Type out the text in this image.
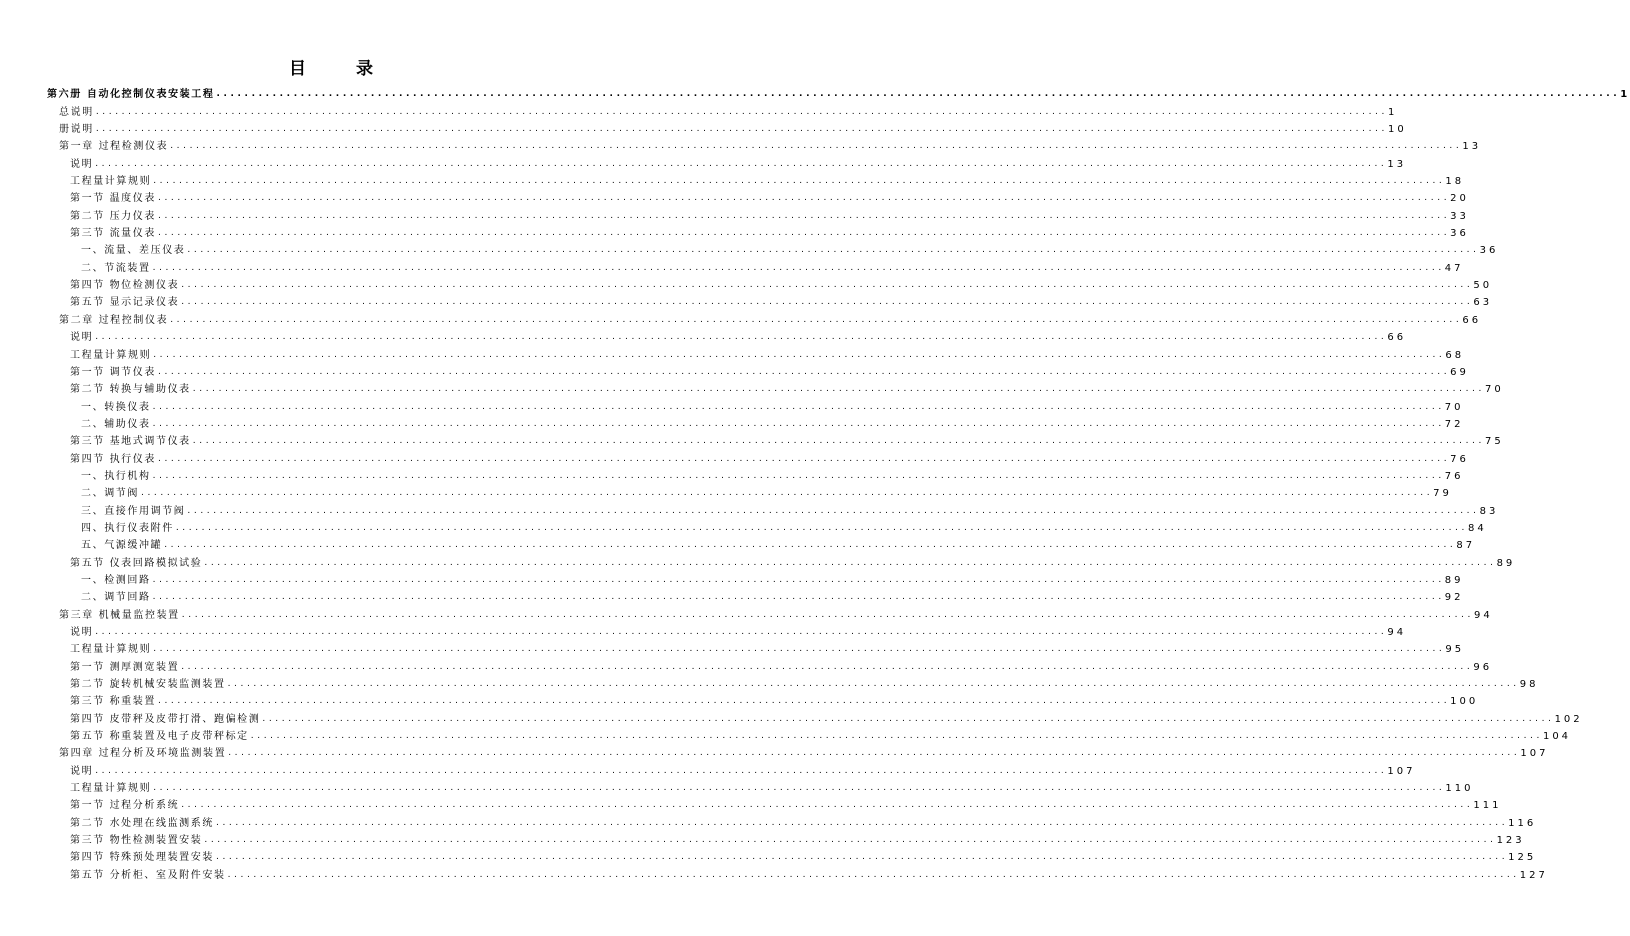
目 录
第六册 自动化控制仪表安装工程 ........................................................................................................................................................................................................ 1
总说明 ........................................................................................................................................................................................................ 1
册说明 ........................................................................................................................................................................................................ 10
第一章 过程检测仪表 ........................................................................................................................................................................................................ 13
说明 ........................................................................................................................................................................................................ 13
工程量计算规则 ........................................................................................................................................................................................................ 18
第一节 温度仪表 ........................................................................................................................................................................................................ 20
第二节 压力仪表 ........................................................................................................................................................................................................ 33
第三节 流量仪表 ........................................................................................................................................................................................................ 36
一、流量、差压仪表 ........................................................................................................................................................................................................ 36
二、节流装置 ........................................................................................................................................................................................................ 47
第四节 物位检测仪表 ........................................................................................................................................................................................................ 50
第五节 显示记录仪表 ........................................................................................................................................................................................................ 63
第二章 过程控制仪表 ........................................................................................................................................................................................................ 66
说明 ........................................................................................................................................................................................................ 66
工程量计算规则 ........................................................................................................................................................................................................ 68
第一节 调节仪表 ........................................................................................................................................................................................................ 69
第二节 转换与辅助仪表 ........................................................................................................................................................................................................ 70
一、转换仪表 ........................................................................................................................................................................................................ 70
二、辅助仪表 ........................................................................................................................................................................................................ 72
第三节 基地式调节仪表 ........................................................................................................................................................................................................ 75
第四节 执行仪表 ........................................................................................................................................................................................................ 76
一、执行机构 ........................................................................................................................................................................................................ 76
二、调节阀 ........................................................................................................................................................................................................ 79
三、直接作用调节阀 ........................................................................................................................................................................................................ 83
四、执行仪表附件 ........................................................................................................................................................................................................ 84
五、气源缓冲罐 ........................................................................................................................................................................................................ 87
第五节 仪表回路模拟试验 ........................................................................................................................................................................................................ 89
一、检测回路 ........................................................................................................................................................................................................ 89
二、调节回路 ........................................................................................................................................................................................................ 92
第三章 机械量监控装置 ........................................................................................................................................................................................................ 94
说明 ........................................................................................................................................................................................................ 94
工程量计算规则 ........................................................................................................................................................................................................ 95
第一节 测厚测宽装置 ........................................................................................................................................................................................................ 96
第二节 旋转机械安装监测装置 ........................................................................................................................................................................................................ 98
第三节 称重装置 ........................................................................................................................................................................................................ 100
第四节 皮带秤及皮带打滑、跑偏检测 ........................................................................................................................................................................................................ 102
第五节 称重装置及电子皮带秤标定 ........................................................................................................................................................................................................ 104
第四章 过程分析及环境监测装置 ........................................................................................................................................................................................................ 107
说明 ........................................................................................................................................................................................................ 107
工程量计算规则 ........................................................................................................................................................................................................ 110
第一节 过程分析系统 ........................................................................................................................................................................................................ 111
第二节 水处理在线监测系统 ........................................................................................................................................................................................................ 116
第三节 物性检测装置安装 ........................................................................................................................................................................................................ 123
第四节 特殊预处理装置安装 ........................................................................................................................................................................................................ 125
第五节 分析柜、室及附件安装 ........................................................................................................................................................................................................ 127
